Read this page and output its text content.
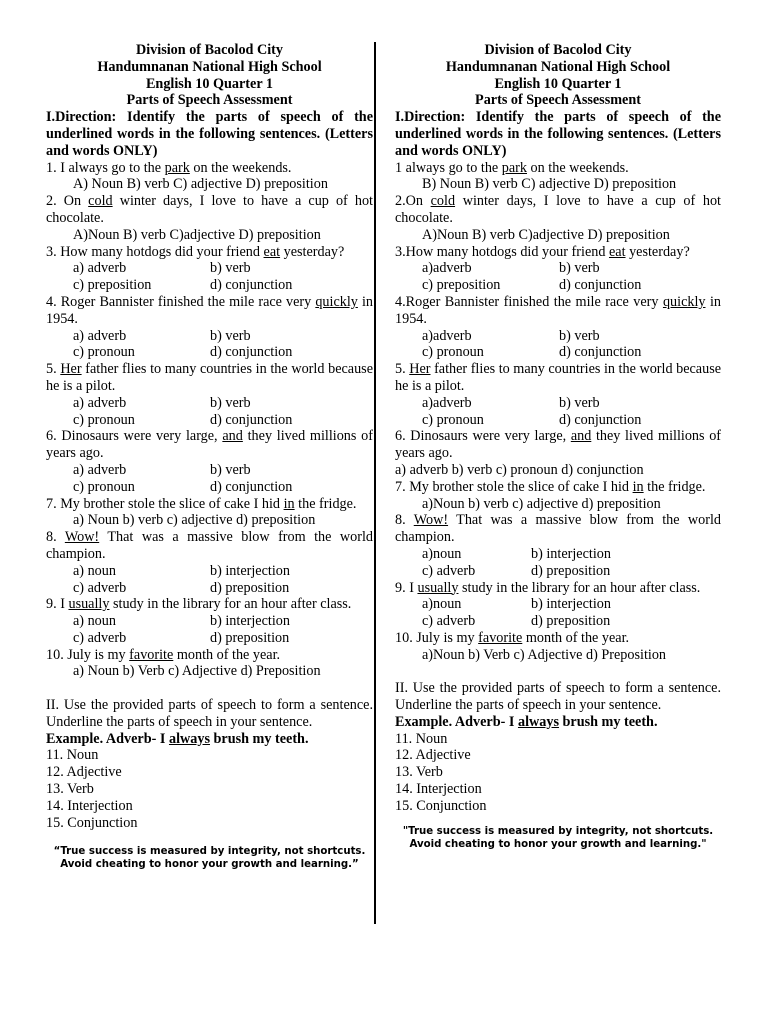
Division of Bacolod City
Handumnanan National High School
English 10 Quarter 1
Parts of Speech Assessment
I.Direction: Identify the parts of speech of the underlined words in the following sentences. (Letters and words ONLY)
1. I always go to the park on the weekends.
A) Noun B) verb C) adjective D) preposition
2. On cold winter days, I love to have a cup of hot chocolate.
A)Noun B) verb C)adjective D) preposition
3. How many hotdogs did your friend eat yesterday?
a) adverb	b) verb
c) preposition	d) conjunction
4. Roger Bannister finished the mile race very quickly in 1954.
a) adverb	b) verb
c) pronoun	d) conjunction
5. Her father flies to many countries in the world because he is a pilot.
a) adverb	b) verb
c) pronoun	d) conjunction
6. Dinosaurs were very large, and they lived millions of years ago.
a) adverb	b) verb
c) pronoun	d) conjunction
7. My brother stole the slice of cake I hid in the fridge.
a) Noun b) verb c) adjective d) preposition
8. Wow! That was a massive blow from the world champion.
a) noun	b) interjection
c) adverb	d) preposition
9. I usually study in the library for an hour after class.
a) noun	b) interjection
c) adverb	d) preposition
10. July is my favorite month of the year.
a) Noun b) Verb c) Adjective d) Preposition
II. Use the provided parts of speech to form a sentence. Underline the parts of speech in your sentence.
Example. Adverb- I always brush my teeth.
11. Noun
12. Adjective
13. Verb
14. Interjection
15. Conjunction
“True success is measured by integrity, not shortcuts.
Avoid cheating to honor your growth and learning.”
Division of Bacolod City
Handumnanan National High School
English 10 Quarter 1
Parts of Speech Assessment
I.Direction: Identify the parts of speech of the underlined words in the following sentences. (Letters and words ONLY)
1 always go to the park on the weekends.
B) Noun B) verb C) adjective D) preposition
2.On cold winter days, I love to have a cup of hot chocolate.
A)Noun B) verb C)adjective D) preposition
3.How many hotdogs did your friend eat yesterday?
a)adverb	b) verb
c) preposition	d) conjunction
4.Roger Bannister finished the mile race very quickly in 1954.
a)adverb	b) verb
c) pronoun	d) conjunction
5. Her father flies to many countries in the world because he is a pilot.
a)adverb	b) verb
c) pronoun	d) conjunction
6. Dinosaurs were very large, and they lived millions of years ago.
a) adverb b) verb c) pronoun d) conjunction
7. My brother stole the slice of cake I hid in the fridge.
a)Noun b) verb c) adjective d) preposition
8. Wow! That was a massive blow from the world champion.
a)noun	b) interjection
c) adverb	d) preposition
9. I usually study in the library for an hour after class.
a)noun	b) interjection
c) adverb	d) preposition
10. July is my favorite month of the year.
a)Noun b) Verb c) Adjective d) Preposition
II. Use the provided parts of speech to form a sentence. Underline the parts of speech in your sentence.
Example. Adverb- I always brush my teeth.
11. Noun
12. Adjective
13. Verb
14. Interjection
15. Conjunction
"True success is measured by integrity, not shortcuts.
Avoid cheating to honor your growth and learning."
